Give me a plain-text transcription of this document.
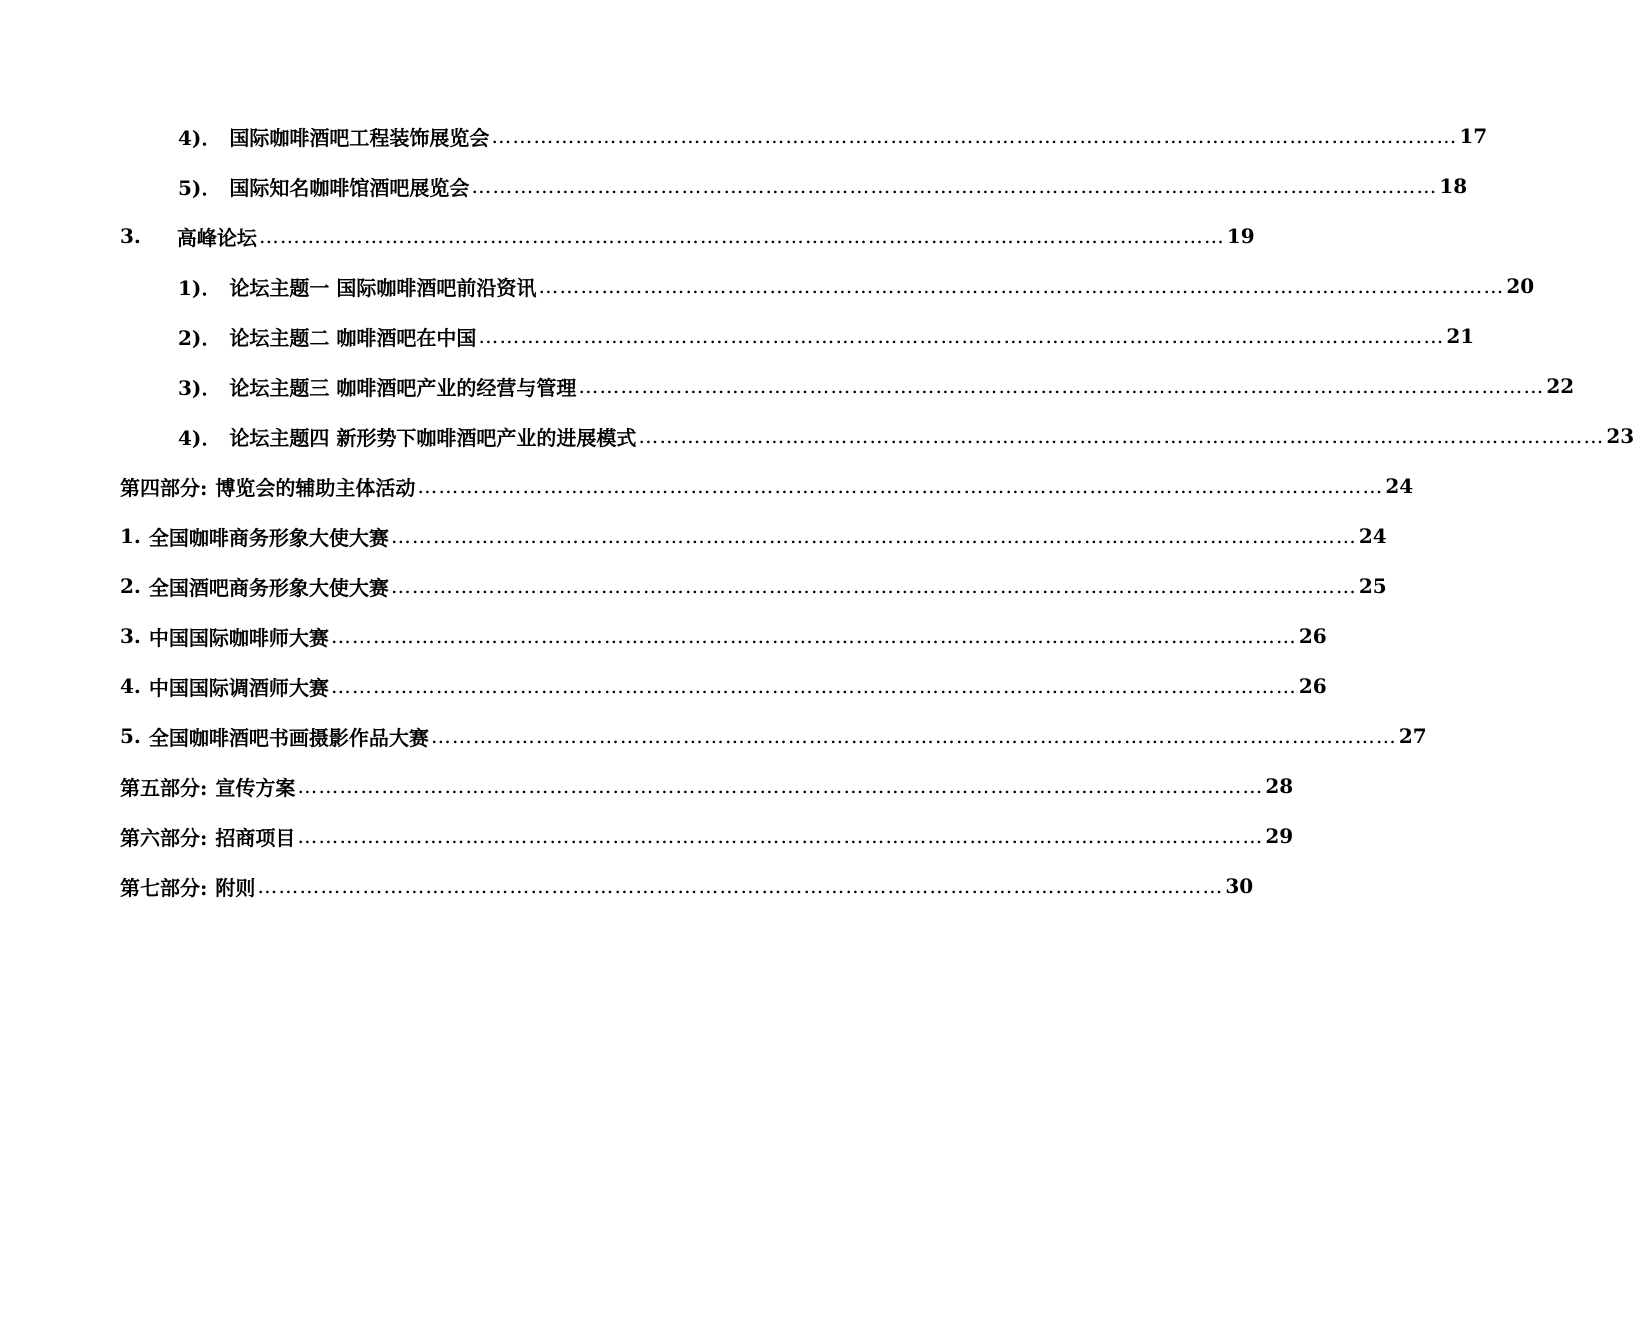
4)． 国际咖啡酒吧工程装饰展览会 …………………………………………………………………………………………………………………………	17
5)． 国际知名咖啡馆酒吧展览会 …………………………………………………………………………………………………………………………	18
3. 高峰论坛 …………………………………………………………………………………………………………………………	19
1)． 论坛主题一 国际咖啡酒吧前沿资讯 …………………………………………………………………………………………………………………………	20
2)． 论坛主题二 咖啡酒吧在中国 …………………………………………………………………………………………………………………………	21
3)． 论坛主题三 咖啡酒吧产业的经营与管理 …………………………………………………………………………………………………………………………	22
4)． 论坛主题四 新形势下咖啡酒吧产业的进展模式 …………………………………………………………………………………………………………………………	23
第四部分: 博览会的辅助主体活动 …………………………………………………………………………………………………………………………	24
1. 全国咖啡商务形象大使大赛 …………………………………………………………………………………………………………………………	24
2. 全国酒吧商务形象大使大赛 …………………………………………………………………………………………………………………………	25
3. 中国国际咖啡师大赛 …………………………………………………………………………………………………………………………	26
4. 中国国际调酒师大赛 …………………………………………………………………………………………………………………………	26
5. 全国咖啡酒吧书画摄影作品大赛 …………………………………………………………………………………………………………………………	27
第五部分: 宣传方案 …………………………………………………………………………………………………………………………	28
第六部分: 招商项目 …………………………………………………………………………………………………………………………	29
第七部分: 附则 …………………………………………………………………………………………………………………………	30
